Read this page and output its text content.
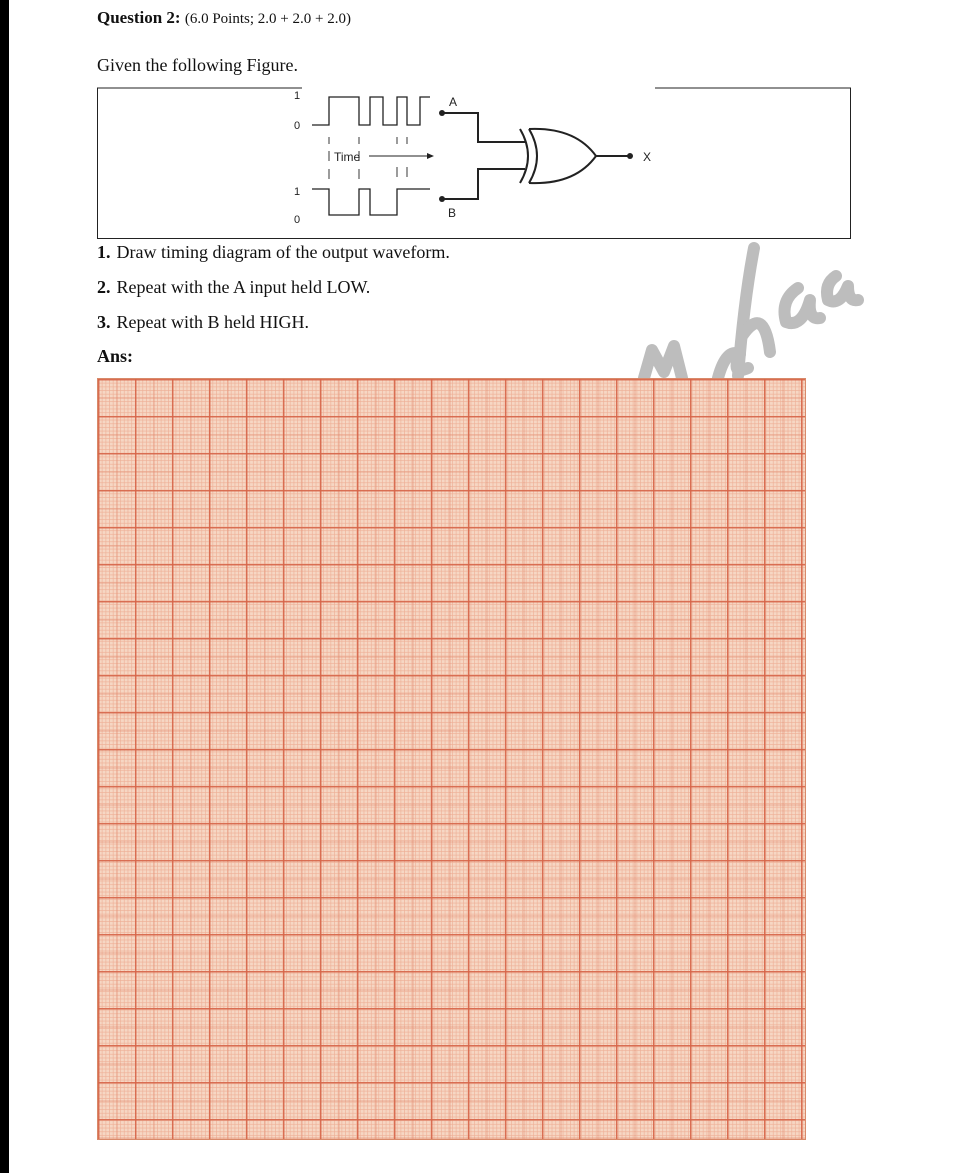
Question 2: (6.0 Points; 2.0 + 2.0 + 2.0)
Given the following Figure.
1
0
Time
1
0
A
B
X
1. Draw timing diagram of the output waveform.
2. Repeat with the A input held LOW.
3. Repeat with B held HIGH.
Ans:
